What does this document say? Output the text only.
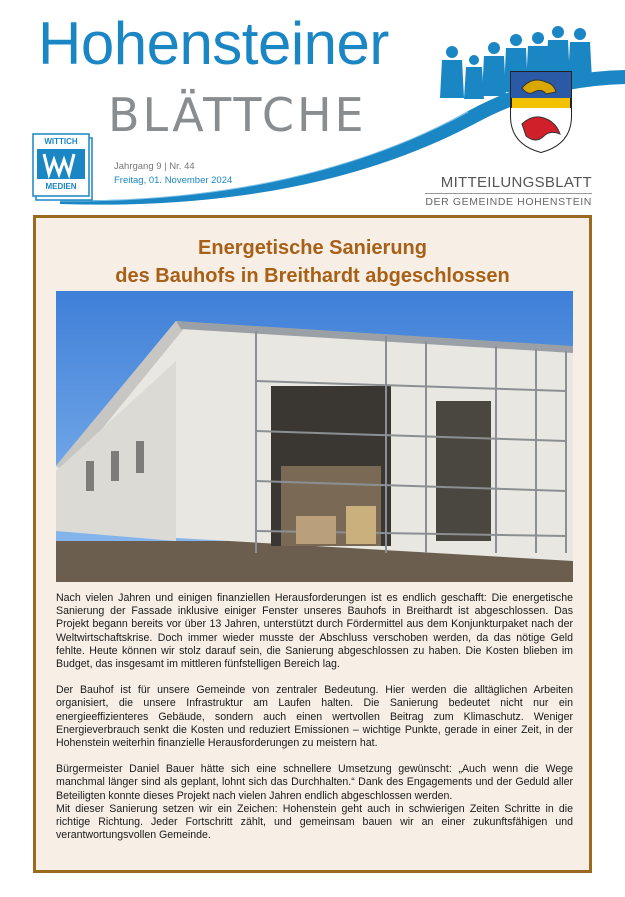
Hohensteiner
BLÄTTCHE
WITTICH
MEDIEN
Jahrgang 9 | Nr. 44
Freitag, 01. November 2024	MITTEILUNGSBLATT
DER GEMEINDE HOHENSTEIN
Energetische Sanierung
des Bauhofs in Breithardt abgeschlossen

Nach vielen Jahren und einigen finanziellen Herausforderungen ist es endlich geschafft: Die energetische Sanierung der Fassade inklusive einiger Fenster unseres Bauhofs in Breithardt ist abgeschlossen. Das Projekt begann bereits vor über 13 Jahren, unterstützt durch Fördermittel aus dem Konjunkturpaket nach der Weltwirtschaftskrise. Doch immer wieder musste der Abschluss verschoben werden, da das nötige Geld fehlte. Heute können wir stolz darauf sein, die Sanierung abgeschlossen zu haben. Die Kosten blieben im Budget, das insgesamt im mittleren fünfstelligen Bereich lag.

Der Bauhof ist für unsere Gemeinde von zentraler Bedeutung. Hier werden die alltäglichen Arbeiten organisiert, die unsere Infrastruktur am Laufen halten. Die Sanierung bedeutet nicht nur ein energieeffizienteres Gebäude, sondern auch einen wertvollen Beitrag zum Klimaschutz. Weniger Energieverbrauch senkt die Kosten und reduziert Emissionen – wichtige Punkte, gerade in einer Zeit, in der Hohenstein weiterhin finanzielle Herausforderungen zu meistern hat.

Bürgermeister Daniel Bauer hätte sich eine schnellere Umsetzung gewünscht: „Auch wenn die Wege manchmal länger sind als geplant, lohnt sich das Durchhalten.“ Dank des Engagements und der Geduld aller Beteiligten konnte dieses Projekt nach vielen Jahren endlich abgeschlossen werden.

Mit dieser Sanierung setzen wir ein Zeichen: Hohenstein geht auch in schwierigen Zeiten Schritte in die richtige Richtung. Jeder Fortschritt zählt, und gemeinsam bauen wir an einer zukunftsfähigen und verantwortungsvollen Gemeinde.
